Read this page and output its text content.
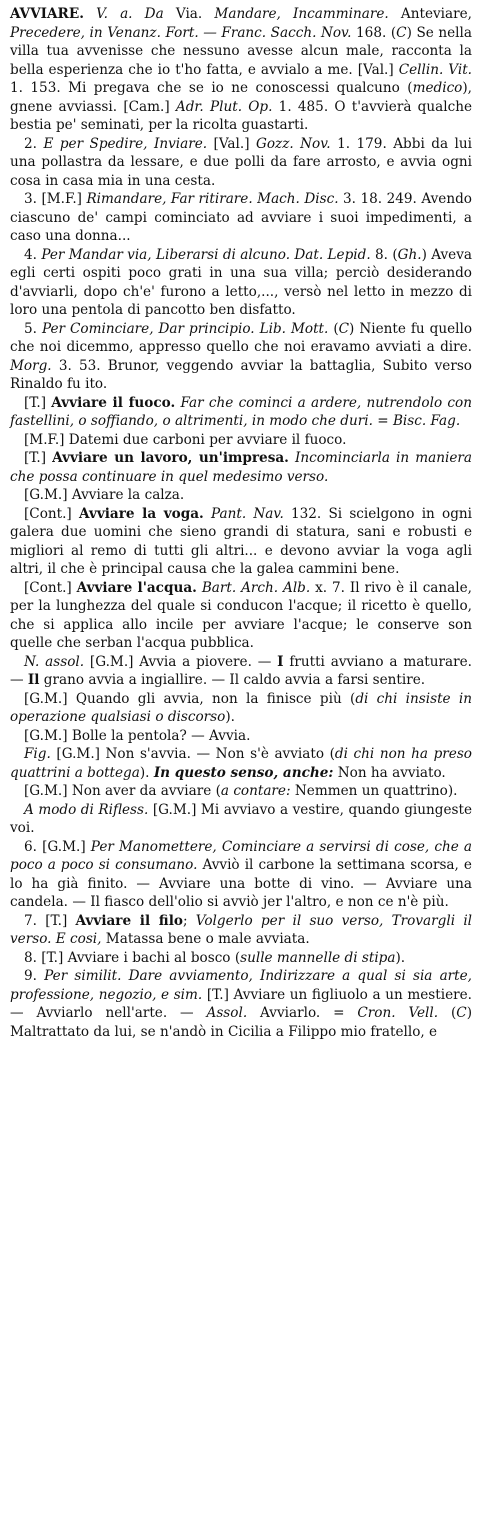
AVVIARE. V. a. Da Via. Mandare, Incamminare. Anteviare, Precedere, in Venanz. Fort. — Franc. Sacch. Nov. 168. (C) Se nella villa tua avvenisse che nessuno avesse alcun male, racconta la bella esperienza che io t'ho fatta, e avvialo a me. [Val.] Cellin. Vit. 1. 153. Mi pregava che se io ne conoscessi qualcuno (medico), gnene avviassi. [Cam.] Adr. Plut. Op. 1. 485. O t'avvierà qualche bestia pe' seminati, per la ricolta guastarti.

2. E per Spedire, Inviare. [Val.] Gozz. Nov. 1. 179. Abbi da lui una pollastra da lessare, e due polli da fare arrosto, e avvia ogni cosa in casa mia in una cesta.

3. [M.F.] Rimandare, Far ritirare. Mach. Disc. 3. 18. 249. Avendo ciascuno de' campi cominciato ad avviare i suoi impedimenti, a caso una donna...

4. Per Mandar via, Liberarsi di alcuno. Dat. Lepid. 8. (Gh.) Aveva egli certi ospiti poco grati in una sua villa; perciò desiderando d'avviarli, dopo ch'e' furono a letto,..., versò nel letto in mezzo di loro una pentola di pancotto ben disfatto.

5. Per Cominciare, Dar principio. Lib. Mott. (C) Niente fu quello che noi dicemmo, appresso quello che noi eravamo avviati a dire. Morg. 3. 53. Brunor, veggendo avviar la battaglia, Subito verso Rinaldo fu ito.

[T.] Avviare il fuoco. Far che cominci a ardere, nutrendolo con fastellini, o soffiando, o altrimenti, in modo che duri. = Bisc. Fag.

[M.F.] Datemi due carboni per avviare il fuoco.

[T.] Avviare un lavoro, un'impresa. Incominciarla in maniera che possa continuare in quel medesimo verso.

[G.M.] Avviare la calza.

[Cont.] Avviare la voga. Pant. Nav. 132. Si scielgono in ogni galera due uomini che sieno grandi di statura, sani e robusti e migliori al remo di tutti gli altri... e devono avviar la voga agli altri, il che è principal causa che la galea cammini bene.

[Cont.] Avviare l'acqua. Bart. Arch. Alb. x. 7. Il rivo è il canale, per la lunghezza del quale si conducon l'acque; il ricetto è quello, che si applica allo incile per avviare l'acque; le conserve son quelle che serban l'acqua pubblica.

N. assol. [G.M.] Avvia a piovere. — I frutti avviano a maturare. — Il grano avvia a ingiallire. — Il caldo avvia a farsi sentire.

[G.M.] Quando gli avvia, non la finisce più (di chi insiste in operazione qualsiasi o discorso).

[G.M.] Bolle la pentola? — Avvia.

Fig. [G.M.] Non s'avvia. — Non s'è avviato (di chi non ha preso quattrini a bottega). In questo senso, anche: Non ha avviato.

[G.M.] Non aver da avviare (a contare: Nemmen un quattrino).

A modo di Rifless. [G.M.] Mi avviavo a vestire, quando giungeste voi.

6. [G.M.] Per Manomettere, Cominciare a servirsi di cose, che a poco a poco si consumano. Avviò il carbone la settimana scorsa, e lo ha già finito. — Avviare una botte di vino. — Avviare una candela. — Il fiasco dell'olio si avviò jer l'altro, e non ce n'è più.

7. [T.] Avviare il filo; Volgerlo per il suo verso, Trovargli il verso. E cosi, Matassa bene o male avviata.

8. [T.] Avviare i bachi al bosco (sulle mannelle di stipa).

9. Per similit. Dare avviamento, Indirizzare a qual si sia arte, professione, negozio, e sim. [T.] Avviare un figliuolo a un mestiere. — Avviarlo nell'arte. — Assol. Avviarlo. = Cron. Vell. (C) Maltrattato da lui, se n'andò in Cicilia a Filippo mio fratello, e
